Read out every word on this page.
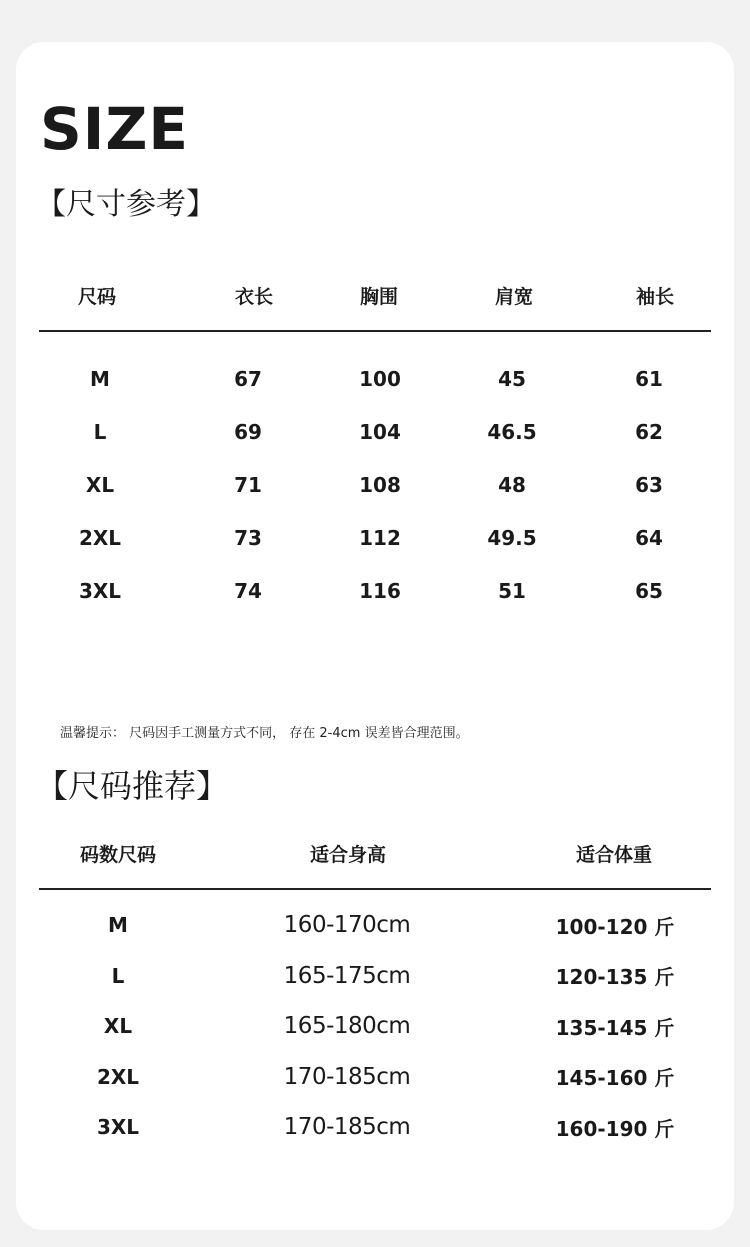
SIZE
【尺寸参考】
尺码	衣长	胸围	肩宽	袖长
M	67	100	45	61
L	69	104	46.5	62
XL	71	108	48	63
2XL	73	112	49.5	64
3XL	74	116	51	65
温馨提示： 尺码因手工测量方式不同， 存在 2-4cm 误差皆合理范围。
【尺码推荐】
码数尺码	适合身高	适合体重
M	160-170cm	100-120 斤
L	165-175cm	120-135 斤
XL	165-180cm	135-145 斤
2XL	170-185cm	145-160 斤
3XL	170-185cm	160-190 斤
